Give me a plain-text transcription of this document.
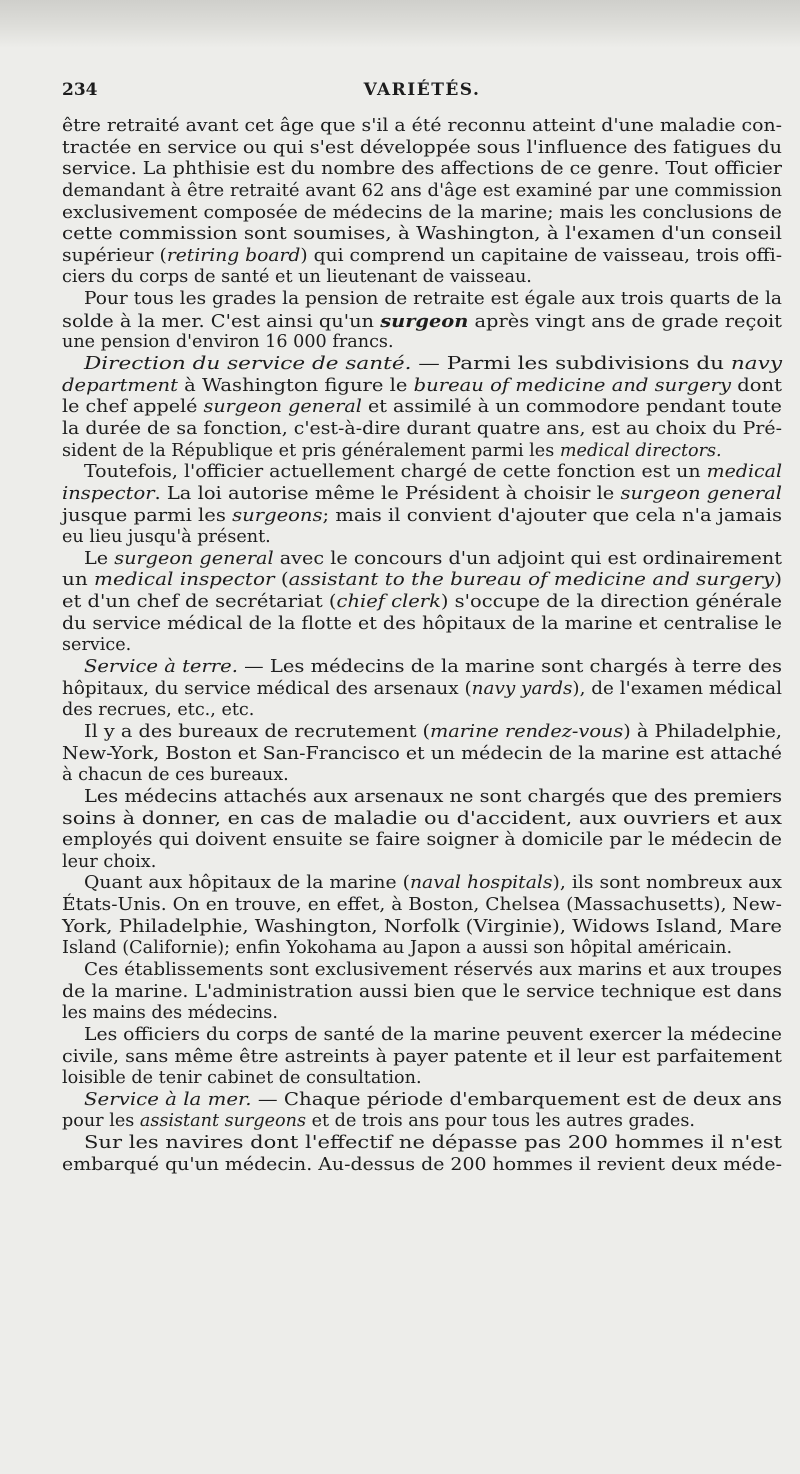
234	VARIÉTÉS.
être retraité avant cet âge que s'il a été reconnu atteint d'une maladie con-
tractée en service ou qui s'est développée sous l'influence des fatigues du
service. La phthisie est du nombre des affections de ce genre. Tout officier
demandant à être retraité avant 62 ans d'âge est examiné par une commission
exclusivement composée de médecins de la marine; mais les conclusions de
cette commission sont soumises, à Washington, à l'examen d'un conseil
supérieur (retiring board) qui comprend un capitaine de vaisseau, trois offi-
ciers du corps de santé et un lieutenant de vaisseau.
Pour tous les grades la pension de retraite est égale aux trois quarts de la
solde à la mer. C'est ainsi qu'un surgeon après vingt ans de grade reçoit
une pension d'environ 16 000 francs.
Direction du service de santé. — Parmi les subdivisions du navy
department à Washington figure le bureau of medicine and surgery dont
le chef appelé surgeon general et assimilé à un commodore pendant toute
la durée de sa fonction, c'est-à-dire durant quatre ans, est au choix du Pré-
sident de la République et pris généralement parmi les medical directors.
Toutefois, l'officier actuellement chargé de cette fonction est un medical
inspector. La loi autorise même le Président à choisir le surgeon general
jusque parmi les surgeons; mais il convient d'ajouter que cela n'a jamais
eu lieu jusqu'à présent.
Le surgeon general avec le concours d'un adjoint qui est ordinairement
un medical inspector (assistant to the bureau of medicine and surgery)
et d'un chef de secrétariat (chief clerk) s'occupe de la direction générale
du service médical de la flotte et des hôpitaux de la marine et centralise le
service.
Service à terre. — Les médecins de la marine sont chargés à terre des
hôpitaux, du service médical des arsenaux (navy yards), de l'examen médical
des recrues, etc., etc.
Il y a des bureaux de recrutement (marine rendez-vous) à Philadelphie,
New-York, Boston et San-Francisco et un médecin de la marine est attaché
à chacun de ces bureaux.
Les médecins attachés aux arsenaux ne sont chargés que des premiers
soins à donner, en cas de maladie ou d'accident, aux ouvriers et aux
employés qui doivent ensuite se faire soigner à domicile par le médecin de
leur choix.
Quant aux hôpitaux de la marine (naval hospitals), ils sont nombreux aux
États-Unis. On en trouve, en effet, à Boston, Chelsea (Massachusetts), New-
York, Philadelphie, Washington, Norfolk (Virginie), Widows Island, Mare
Island (Californie); enfin Yokohama au Japon a aussi son hôpital américain.
Ces établissements sont exclusivement réservés aux marins et aux troupes
de la marine. L'administration aussi bien que le service technique est dans
les mains des médecins.
Les officiers du corps de santé de la marine peuvent exercer la médecine
civile, sans même être astreints à payer patente et il leur est parfaitement
loisible de tenir cabinet de consultation.
Service à la mer. — Chaque période d'embarquement est de deux ans
pour les assistant surgeons et de trois ans pour tous les autres grades.
Sur les navires dont l'effectif ne dépasse pas 200 hommes il n'est
embarqué qu'un médecin. Au-dessus de 200 hommes il revient deux méde-
